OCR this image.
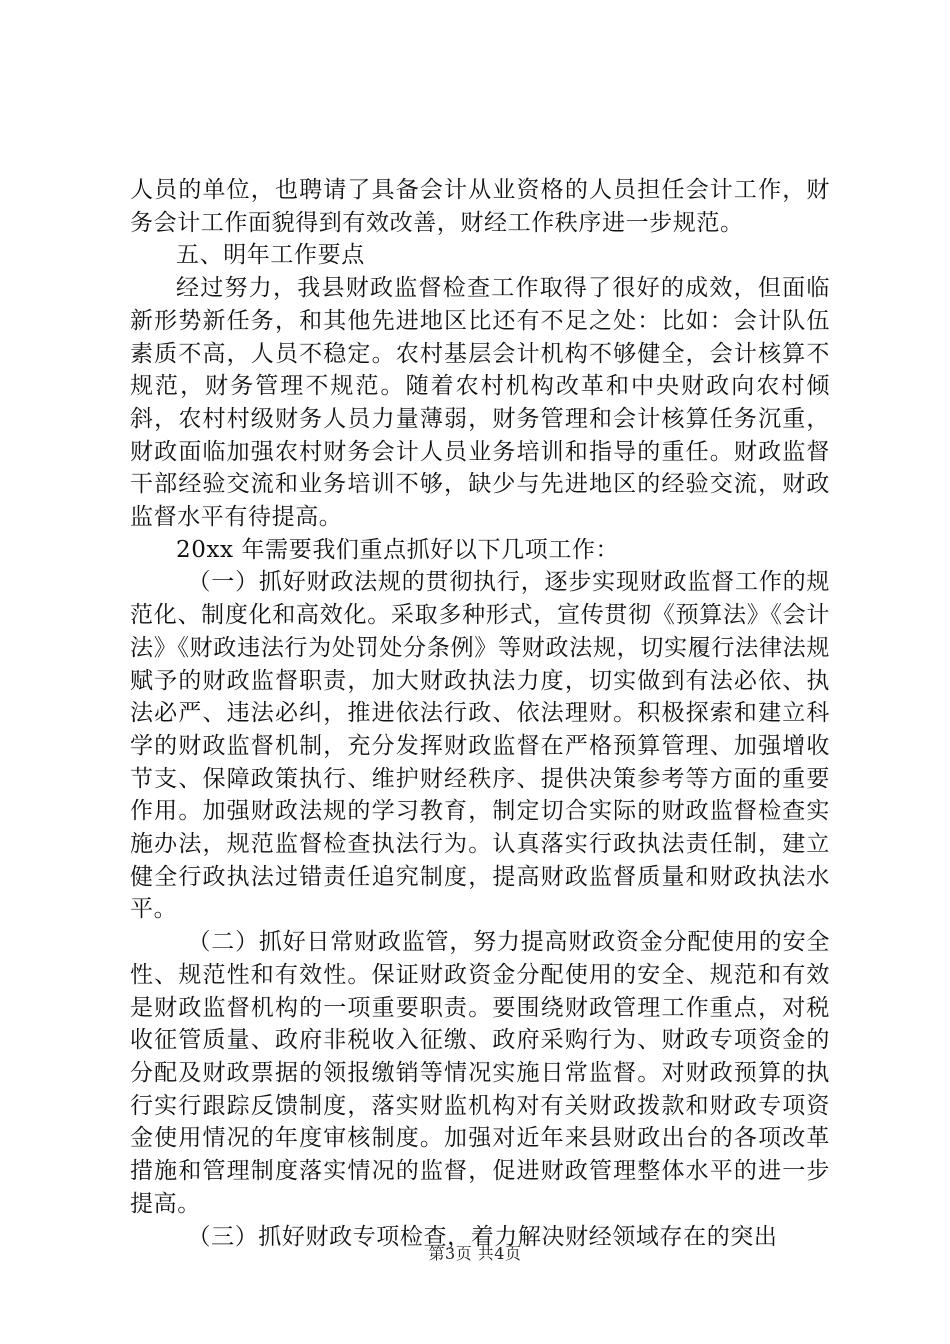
人员的单位，也聘请了具备会计从业资格的人员担任会计工作，财务会计工作面貌得到有效改善，财经工作秩序进一步规范。

五、明年工作要点

经过努力，我县财政监督检查工作取得了很好的成效，但面临新形势新任务，和其他先进地区比还有不足之处：比如：会计队伍素质不高，人员不稳定。农村基层会计机构不够健全，会计核算不规范，财务管理不规范。随着农村机构改革和中央财政向农村倾斜，农村村级财务人员力量薄弱，财务管理和会计核算任务沉重，财政面临加强农村财务会计人员业务培训和指导的重任。财政监督干部经验交流和业务培训不够，缺少与先进地区的经验交流，财政监督水平有待提高。

20xx 年需要我们重点抓好以下几项工作：

（一）抓好财政法规的贯彻执行，逐步实现财政监督工作的规范化、制度化和高效化。采取多种形式，宣传贯彻《预算法》《会计法》《财政违法行为处罚处分条例》等财政法规，切实履行法律法规赋予的财政监督职责，加大财政执法力度，切实做到有法必依、执法必严、违法必纠，推进依法行政、依法理财。积极探索和建立科学的财政监督机制，充分发挥财政监督在严格预算管理、加强增收节支、保障政策执行、维护财经秩序、提供决策参考等方面的重要作用。加强财政法规的学习教育，制定切合实际的财政监督检查实施办法，规范监督检查执法行为。认真落实行政执法责任制，建立健全行政执法过错责任追究制度，提高财政监督质量和财政执法水平。

（二）抓好日常财政监管，努力提高财政资金分配使用的安全性、规范性和有效性。保证财政资金分配使用的安全、规范和有效是财政监督机构的一项重要职责。要围绕财政管理工作重点，对税收征管质量、政府非税收入征缴、政府采购行为、财政专项资金的分配及财政票据的领报缴销等情况实施日常监督。对财政预算的执行实行跟踪反馈制度，落实财监机构对有关财政拨款和财政专项资金使用情况的年度审核制度。加强对近年来县财政出台的各项改革措施和管理制度落实情况的监督，促进财政管理整体水平的进一步提高。

（三）抓好财政专项检查，着力解决财经领域存在的突出

第3页 共4页
